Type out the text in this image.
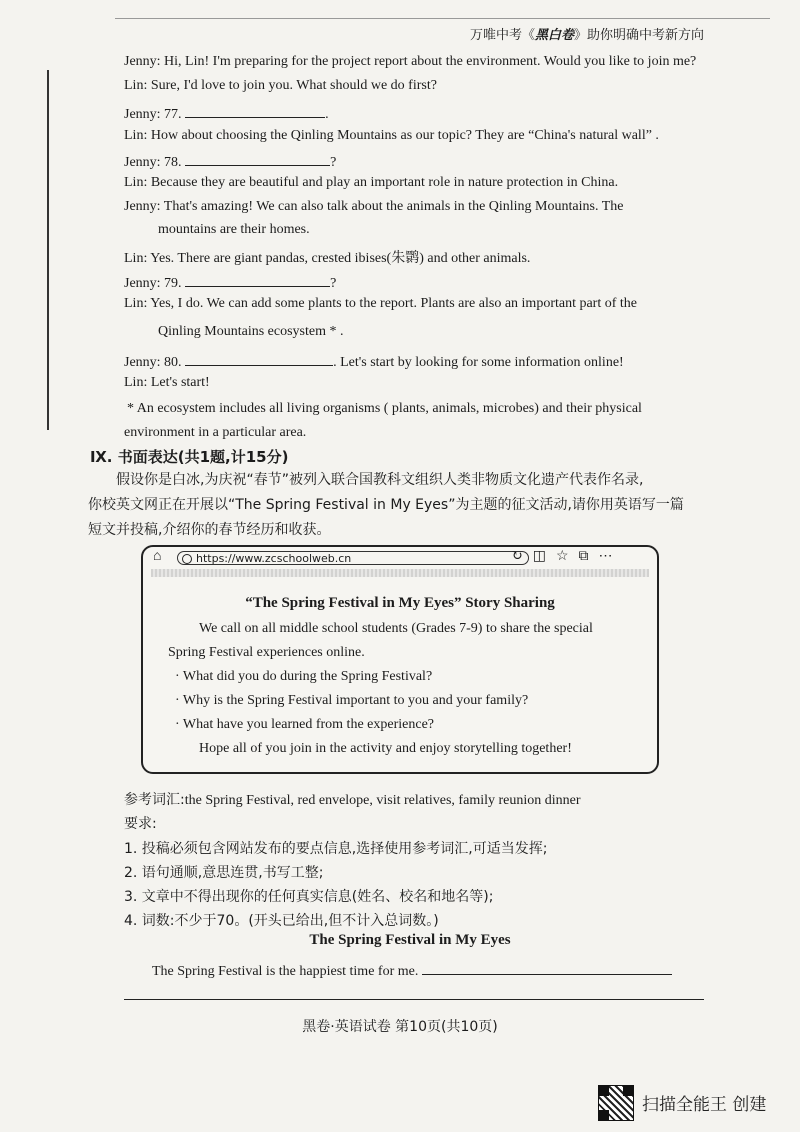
万唯中考《黑白卷》助你明确中考新方向
Jenny: Hi, Lin! I'm preparing for the project report about the environment. Would you like to join me?
Lin: Sure, I'd love to join you. What should we do first?
Jenny: 77.	.
Lin: How about choosing the Qinling Mountains as our topic? They are “China's natural wall” .
Jenny: 78.	?
Lin: Because they are beautiful and play an important role in nature protection in China.
Jenny: That's amazing! We can also talk about the animals in the Qinling Mountains. The
mountains are their homes.
Lin: Yes. There are giant pandas, crested ibises(朱鹮) and other animals.
Jenny: 79.	?
Lin: Yes, I do. We can add some plants to the report. Plants are also an important part of the
Qinling Mountains ecosystem * .
Jenny: 80.	. Let's start by looking for some information online!
Lin: Let's start!
* An ecosystem includes all living organisms ( plants, animals, microbes) and their physical
environment in a particular area.
Ⅸ. 书面表达(共1题,计15分)
假设你是白冰,为庆祝“春节”被列入联合国教科文组织人类非物质文化遗产代表作名录,
你校英文网正在开展以“The Spring Festival in My Eyes”为主题的征文活动,请你用英语写一篇
短文并投稿,介绍你的春节经历和收获。
⌂	https://www.zcschoolweb.cn	↻◫☆⧉⋯
“The Spring Festival in My Eyes” Story Sharing
We call on all middle school students (Grades 7-9) to share the special
Spring Festival experiences online.
· What did you do during the Spring Festival?
· Why is the Spring Festival important to you and your family?
· What have you learned from the experience?
Hope all of you join in the activity and enjoy storytelling together!
参考词汇:the Spring Festival, red envelope, visit relatives, family reunion dinner
要求:
1. 投稿必须包含网站发布的要点信息,选择使用参考词汇,可适当发挥;
2. 语句通顺,意思连贯,书写工整;
3. 文章中不得出现你的任何真实信息(姓名、校名和地名等);
4. 词数:不少于70。(开头已给出,但不计入总词数。)
The Spring Festival in My Eyes
The Spring Festival is the happiest time for me.
黑卷·英语试卷 第10页(共10页)
扫描全能王 创建
